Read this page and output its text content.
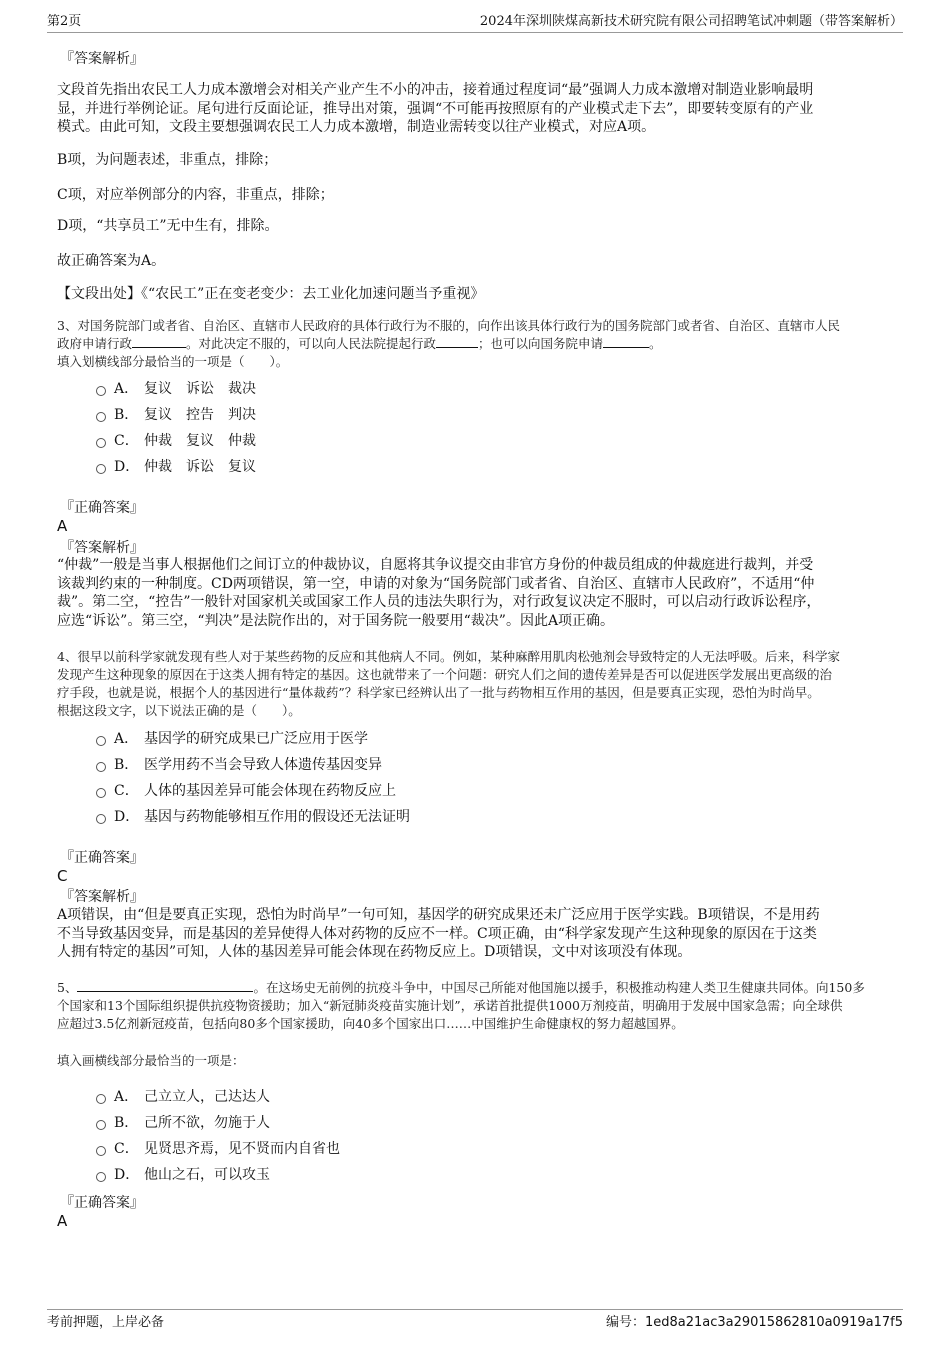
第2页	2024年深圳陕煤高新技术研究院有限公司招聘笔试冲刺题（带答案解析）
『答案解析』
文段首先指出农民工人力成本激增会对相关产业产生不小的冲击，接着通过程度词“最”强调人力成本激增对制造业影响最明
显，并进行举例论证。尾句进行反面论证，推导出对策，强调“不可能再按照原有的产业模式走下去”，即要转变原有的产业
模式。由此可知，文段主要想强调农民工人力成本激增，制造业需转变以往产业模式，对应A项。
B项，为问题表述，非重点，排除；
C项，对应举例部分的内容，非重点，排除；
D项，“共享员工”无中生有，排除。
故正确答案为A。
【文段出处】《“农民工”正在变老变少：去工业化加速问题当予重视》
3、对国务院部门或者省、自治区、直辖市人民政府的具体行政行为不服的，向作出该具体行政行为的国务院部门或者省、自治区、直辖市人民
政府申请行政	。对此决定不服的，可以向人民法院提起行政	；也可以向国务院申请	。
填入划横线部分最恰当的一项是（　　）。
A． 复议　诉讼　裁决
B． 复议　控告　判决
C． 仲裁　复议　仲裁
D． 仲裁　诉讼　复议
『正确答案』
A
『答案解析』
“仲裁”一般是当事人根据他们之间订立的仲裁协议，自愿将其争议提交由非官方身份的仲裁员组成的仲裁庭进行裁判，并受
该裁判约束的一种制度。CD两项错误，第一空，申请的对象为“国务院部门或者省、自治区、直辖市人民政府”，不适用“仲
裁”。第二空，“控告”一般针对国家机关或国家工作人员的违法失职行为，对行政复议决定不服时，可以启动行政诉讼程序，
应选“诉讼”。第三空，“判决”是法院作出的，对于国务院一般要用“裁决”。因此A项正确。
4、很早以前科学家就发现有些人对于某些药物的反应和其他病人不同。例如，某种麻醉用肌肉松弛剂会导致特定的人无法呼吸。后来，科学家
发现产生这种现象的原因在于这类人拥有特定的基因。这也就带来了一个问题：研究人们之间的遗传差异是否可以促进医学发展出更高级的治
疗手段，也就是说，根据个人的基因进行“量体裁药”？科学家已经辨认出了一批与药物相互作用的基因，但是要真正实现，恐怕为时尚早。
根据这段文字，以下说法正确的是（　　）。
A． 基因学的研究成果已广泛应用于医学
B． 医学用药不当会导致人体遗传基因变异
C． 人体的基因差异可能会体现在药物反应上
D． 基因与药物能够相互作用的假设还无法证明
『正确答案』
C
『答案解析』
A项错误，由“但是要真正实现，恐怕为时尚早”一句可知，基因学的研究成果还未广泛应用于医学实践。B项错误，不是用药
不当导致基因变异，而是基因的差异使得人体对药物的反应不一样。C项正确，由“科学家发现产生这种现象的原因在于这类
人拥有特定的基因”可知，人体的基因差异可能会体现在药物反应上。D项错误，文中对该项没有体现。
5、	。在这场史无前例的抗疫斗争中，中国尽己所能对他国施以援手，积极推动构建人类卫生健康共同体。向150多
个国家和13个国际组织提供抗疫物资援助；加入“新冠肺炎疫苗实施计划”，承诺首批提供1000万剂疫苗，明确用于发展中国家急需；向全球供
应超过3.5亿剂新冠疫苗，包括向80多个国家援助，向40多个国家出口……中国维护生命健康权的努力超越国界。
填入画横线部分最恰当的一项是：
A． 己立立人，己达达人
B． 己所不欲，勿施于人
C． 见贤思齐焉，见不贤而内自省也
D． 他山之石，可以攻玉
『正确答案』
A
考前押题，上岸必备	编号：1ed8a21ac3a29015862810a0919a17f5
